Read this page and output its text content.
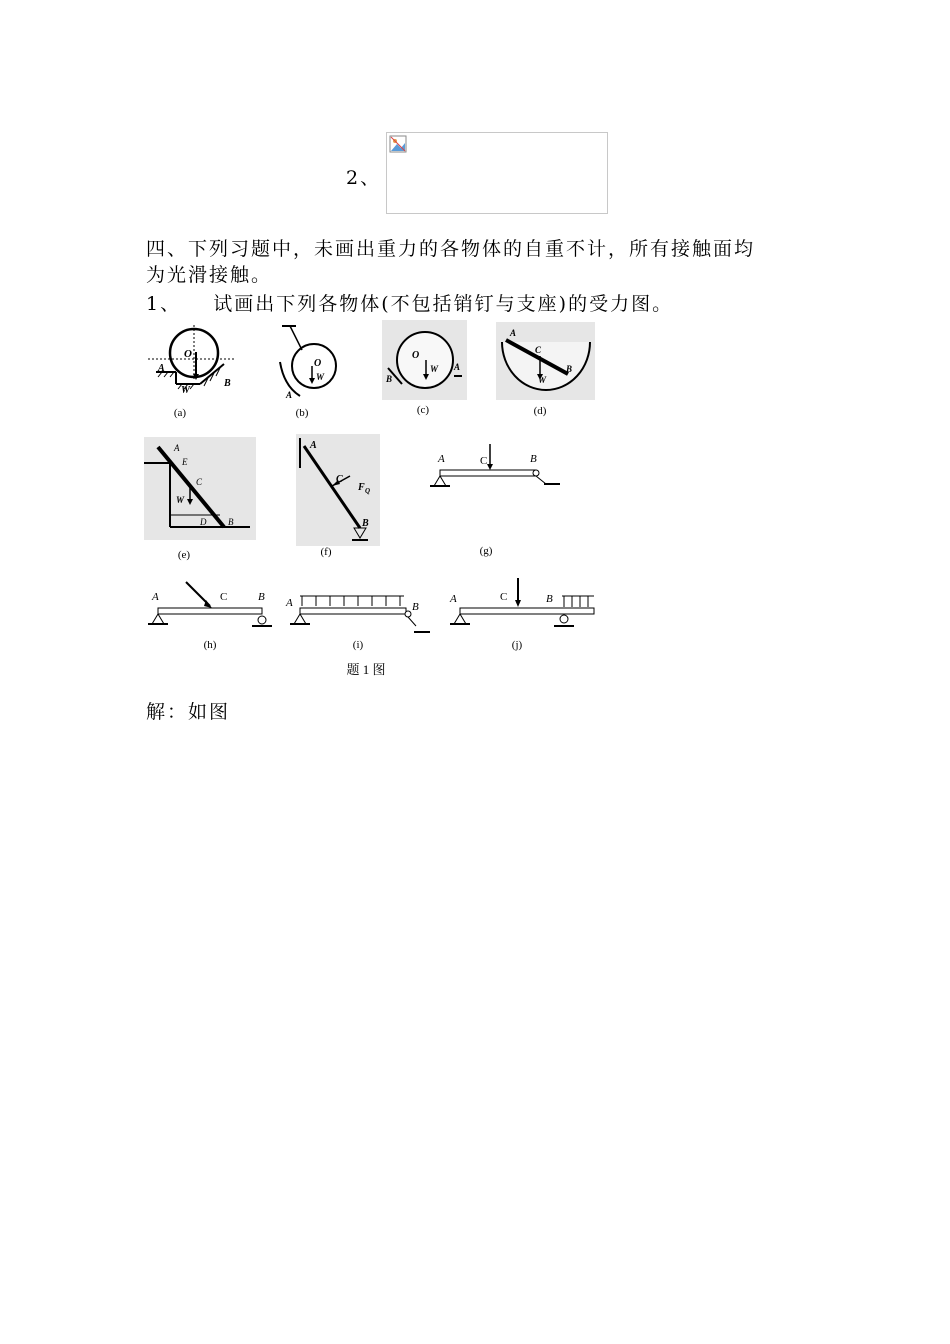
2、
四、下列习题中，未画出重力的各物体的自重不计，所有接触面均
为光滑接触。
1、    试画出下列各物体(不包括销钉与支座)的受力图。
O
A
W
B
(a)
O
W
A
(b)
O
W
B
A
(c)
A
C
W
B
(d)
A
E
C
W
D B
(e)
A
C
F Q
B
(f)
A	C	B
(g)
A	C	B
(h)
A	B
(i)
A	C	B
(j)
题 1 图
解：如图
